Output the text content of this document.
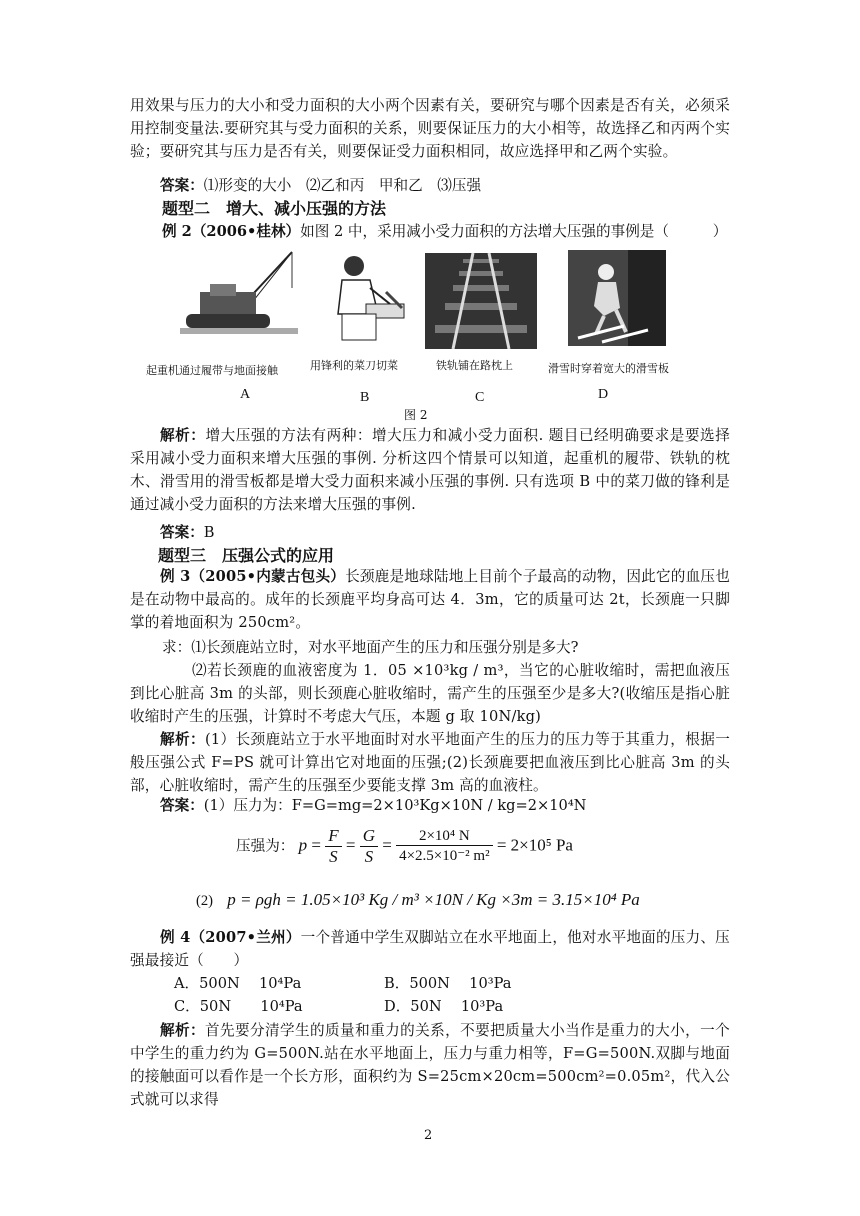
用效果与压力的大小和受力面积的大小两个因素有关，要研究与哪个因素是否有关，必须采用控制变量法.要研究其与受力面积的关系，则要保证压力的大小相等，故选择乙和丙两个实验；要研究其与压力是否有关，则要保证受力面积相同，故应选择甲和乙两个实验。
答案：⑴形变的大小　⑵乙和丙　甲和乙　⑶压强
题型二　增大、减小压强的方法
例 2（2006•桂林）如图 2 中，采用减小受力面积的方法增大压强的事例是（　　　）
起重机通过履带与地面接触	用锋利的菜刀切菜	铁轨铺在路枕上	滑雪时穿着宽大的滑雪板
A	B	C	D
图 2
解析：增大压强的方法有两种：增大压力和减小受力面积. 题目已经明确要求是要选择采用减小受力面积来增大压强的事例. 分析这四个情景可以知道，起重机的履带、铁轨的枕木、滑雪用的滑雪板都是增大受力面积来减小压强的事例. 只有选项 B 中的菜刀做的锋利是通过减小受力面积的方法来增大压强的事例.
答案：B
题型三　压强公式的应用
例 3（2005•内蒙古包头）长颈鹿是地球陆地上目前个子最高的动物，因此它的血压也是在动物中最高的。成年的长颈鹿平均身高可达 4．3m，它的质量可达 2t，长颈鹿一只脚掌的着地面积为 250cm²。
求：⑴长颈鹿站立时，对水平地面产生的压力和压强分别是多大?
⑵若长颈鹿的血液密度为 1．05 ×10³kg / m³，当它的心脏收缩时，需把血液压到比心脏高 3m 的头部，则长颈鹿心脏收缩时，需产生的压强至少是多大?(收缩压是指心脏收缩时产生的压强，计算时不考虑大气压，本题 g 取 10N/kg)
解析：(1）长颈鹿站立于水平地面时对水平地面产生的压力的压力等于其重力，根据一般压强公式 F=PS 就可计算出它对地面的压强;(2)长颈鹿要把血液压到比心脏高 3m 的头部，心脏收缩时，需产生的压强至少要能支撑 3m 高的血液柱。
答案：(1）压力为：F=G=mg=2×10³Kg×10N / kg=2×10⁴N
压强为： $p = \frac{F}{S} = \frac{G}{S} = \frac{\text{2×10⁴ N}}{\text{4×2.5×10⁻² m²}} = 2\times 10^5$ Pa
(2) p = ρgh = 1.05×10³ Kg / m³ ×10N / Kg ×3m = 3.15×10⁴ Pa
例 4（2007•兰州）一个普通中学生双脚站立在水平地面上，他对水平地面的压力、压强最接近（　　）
A．500N　 10⁴Pa	B．500N　 10³Pa
C．50N　　10⁴Pa	D．50N　 10³Pa
解析：首先要分清学生的质量和重力的关系，不要把质量大小当作是重力的大小，一个中学生的重力约为 G=500N.站在水平地面上，压力与重力相等，F=G=500N.双脚与地面的接触面可以看作是一个长方形，面积约为 S=25cm×20cm=500cm²=0.05m²，代入公式就可以求得
2
